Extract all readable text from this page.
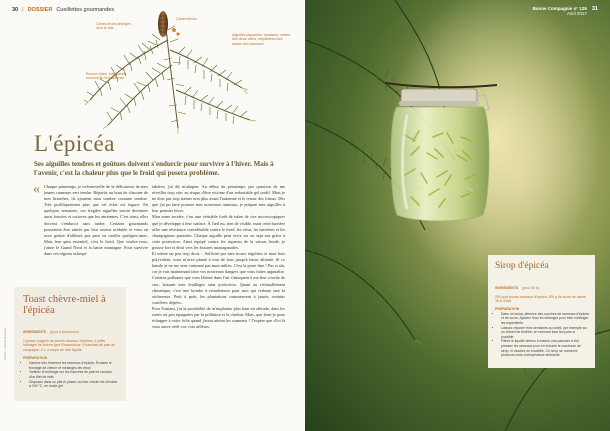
30 | DOSSIER Cueillettes gourmandes
Cônes bruns allongés vers le bas
Cônes fleuris
Aiguilles piquantes, épaisses, vertes des deux côtés, implantées tout autour des rameaux
Écorce claire, s'élaborant souvent fin et écailleuse
L'épicéa
Ses aiguilles tendres et goûtues doivent s'endurcir pour survivre à l'hiver. Mais à l'avenir, c'est la chaleur plus que le froid qui posera problème.
« Chaque printemps, je m'émerveille de la délicatesse de mes jeunes rameaux vert tendre. Répartis au bout de chacune de mes branches, ils ajoutent mon sombre costume sombre. Très prolifiquement plus que cet éclat est fugace. En quelques semaines, ces fragiles aiguilles seront devenues aussi foncées et coriaces que les anciennes. C'est ainsi, elles doivent s'endurcir sans tarder. Certains gourmands pourraient être attirés par leur saveur acidulée et vous en avez goûter d'ailleurs pas peut en cueillir quelques-unes. Mais leur gain essentiel, c'est le froid. Que voulez-vous, j'aime le Grand Nord et la haute montagne. Pour survivre dans ces régions inhospi-

talières, j'ai dû m'adapter. Au début du printemps, pas question de me réveiller trop vite, au risque d'être victime d'un redoutable gel tardif. Mais je ne dois pas trop traîner non plus avant l'automne et le retour des frimas. Dès que j'ai pu faire pousser mes nouveaux rameaux, je prépare mes aiguilles à leur premier hiver.

Mon arme secrète, c'est une véritable forêt de tubes de cire microscopiques que je développe à leur surface. À l'œil nu, rien de visible, mais cette barrière offre une résistance considérable contre le froid, les virus, les bactéries et les champignons parasites. Chaque aiguille peut vivre six ou sept ans grâce à cette protection. Ainsi équipé contre les rigueurs de la saison froide, je pousse fort et droit vers les fissures montagnardes.

Et même un peu trop droit… Sollicité par mes troncs réguliers et mon bois polyvalent, vous m'avez planté à tour de bras jusqu'à basse altitude. Si ce lamsle je ne me sens vraiment pas mon milieu. C'est la porte fine ! Pas si sûr, car je vais maintenant faire vos nouveaux dangers que vous faites apparaître. Certains polluants que vous libérez dans l'air s'attaquent à ma fine couche de cire, laissant mes feuillages sans protection. Quant au réchauffement climatique, c'est une bombe à retardement pour moi qui redoute tant la sécheresse. Petit à petit, les plantations commencent à jaunir, certains conifères dépérir.

Pour l'instant, j'ai la possibilité de m'implanter plus haut en altitude, dans les zones où peu épargnées par la pollution et la chaleur. Mais, que ferai-je pour échapper à votre folie quand j'aurai atteint les sommets ? J'espère que d'ici là vous aurez cédé vos voix ailleurs.

Toast chèvre-miel à l'épicéa
INGRÉDIENTS (pour 4 personnes)
1 grosse poignée de jeunes rameaux d'épicéa, 4 petits fromages de chèvre type Rocamadour, 4 tranches de pain de campagne, 2 c. à soupe de miel liquide
PRÉPARATION
• Hachez très finement les rameaux d'épicéa. Écrasez le fromage de chèvre et mélangez-les deux.
• Tartinez le mélange sur les tranches de pain et couvrez d'un filet de miel.
• Disposez dans un plat et placez au four circulé dix minutes à 200 °C, en mode gril.
Textes : Valérie Hanotel
Bonne Compagnie n° 126
Avril 2017
31
Sirop d'épicéa
INGRÉDIENTS (pour 50 cl)
200 g de jeunes rameaux d'épicéa, 300 g de sucre de canne, 35 cl d'eau
PRÉPARATION
• Dans un bocal, alternez des couches de rameaux d'épicéa et de sucre. Ajoutez l'eau et mélangez pour bien mélanger les ingrédients.
• Laissez reposer trois semaines au soleil, par exemple sur un rebord de fenêtre, en remuant tous les jours si possible.
• Filtrez le liquide obtenu à travers une passoire à thé, pressez les rameaux pour en extraire le maximum de sirop, et stockez en bouteille. Ce sirop se conserve plusieurs mois à température ambiante.
